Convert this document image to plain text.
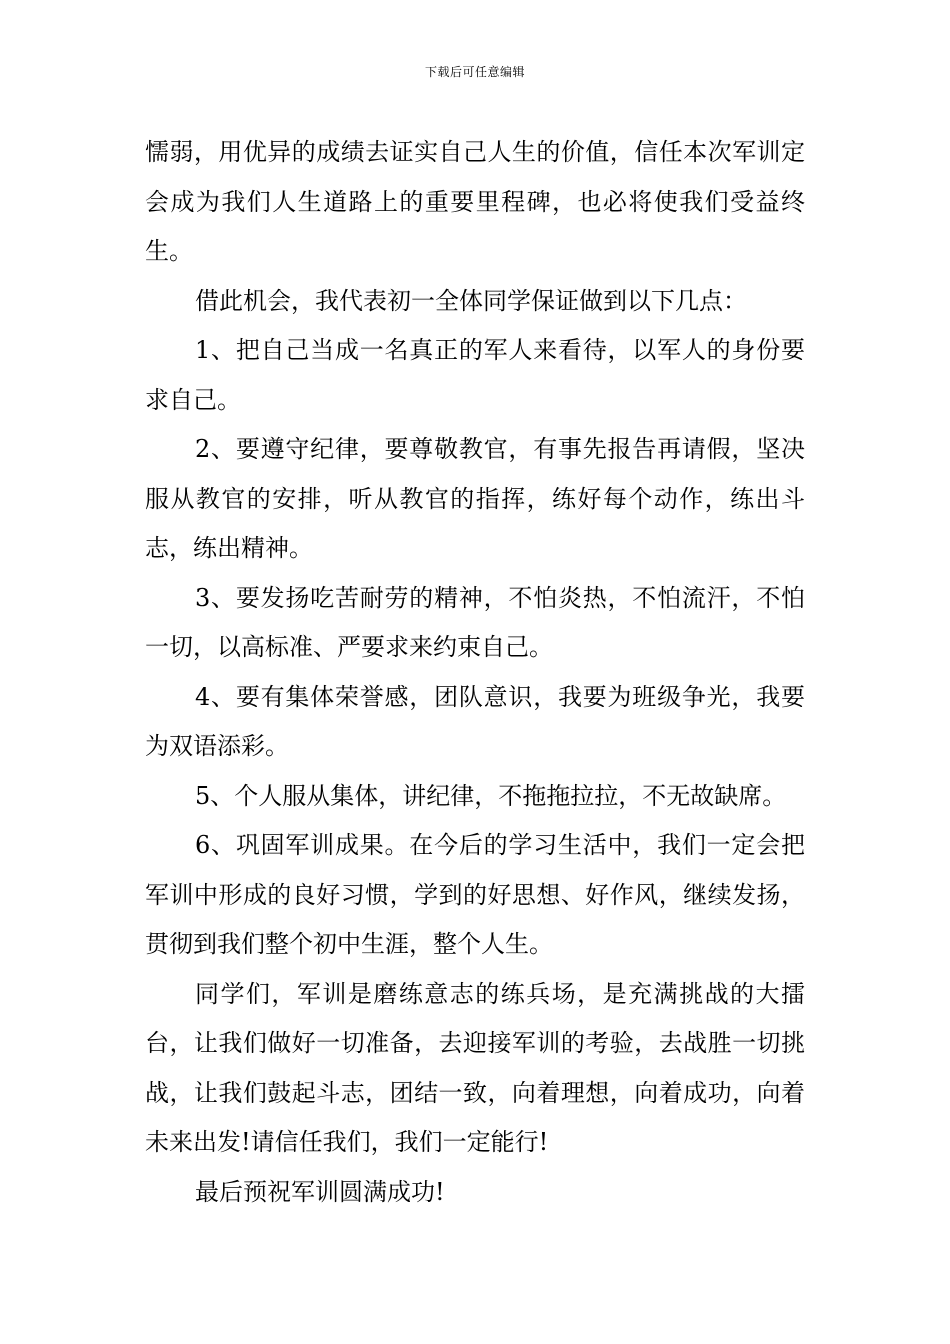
下载后可任意编辑

懦弱，用优异的成绩去证实自己人生的价值，信任本次军训定会成为我们人生道路上的重要里程碑，也必将使我们受益终生。

借此机会，我代表初一全体同学保证做到以下几点：

1、把自己当成一名真正的军人来看待，以军人的身份要求自己。

2、要遵守纪律，要尊敬教官，有事先报告再请假，坚决服从教官的安排，听从教官的指挥，练好每个动作，练出斗志，练出精神。

3、要发扬吃苦耐劳的精神，不怕炎热，不怕流汗，不怕一切，以高标准、严要求来约束自己。

4、要有集体荣誉感，团队意识，我要为班级争光，我要为双语添彩。

5、个人服从集体，讲纪律，不拖拖拉拉，不无故缺席。

6、巩固军训成果。在今后的学习生活中，我们一定会把军训中形成的良好习惯，学到的好思想、好作风，继续发扬，贯彻到我们整个初中生涯，整个人生。

同学们，军训是磨练意志的练兵场，是充满挑战的大擂台，让我们做好一切准备，去迎接军训的考验，去战胜一切挑战，让我们鼓起斗志，团结一致，向着理想，向着成功，向着未来出发!请信任我们，我们一定能行!

最后预祝军训圆满成功!
